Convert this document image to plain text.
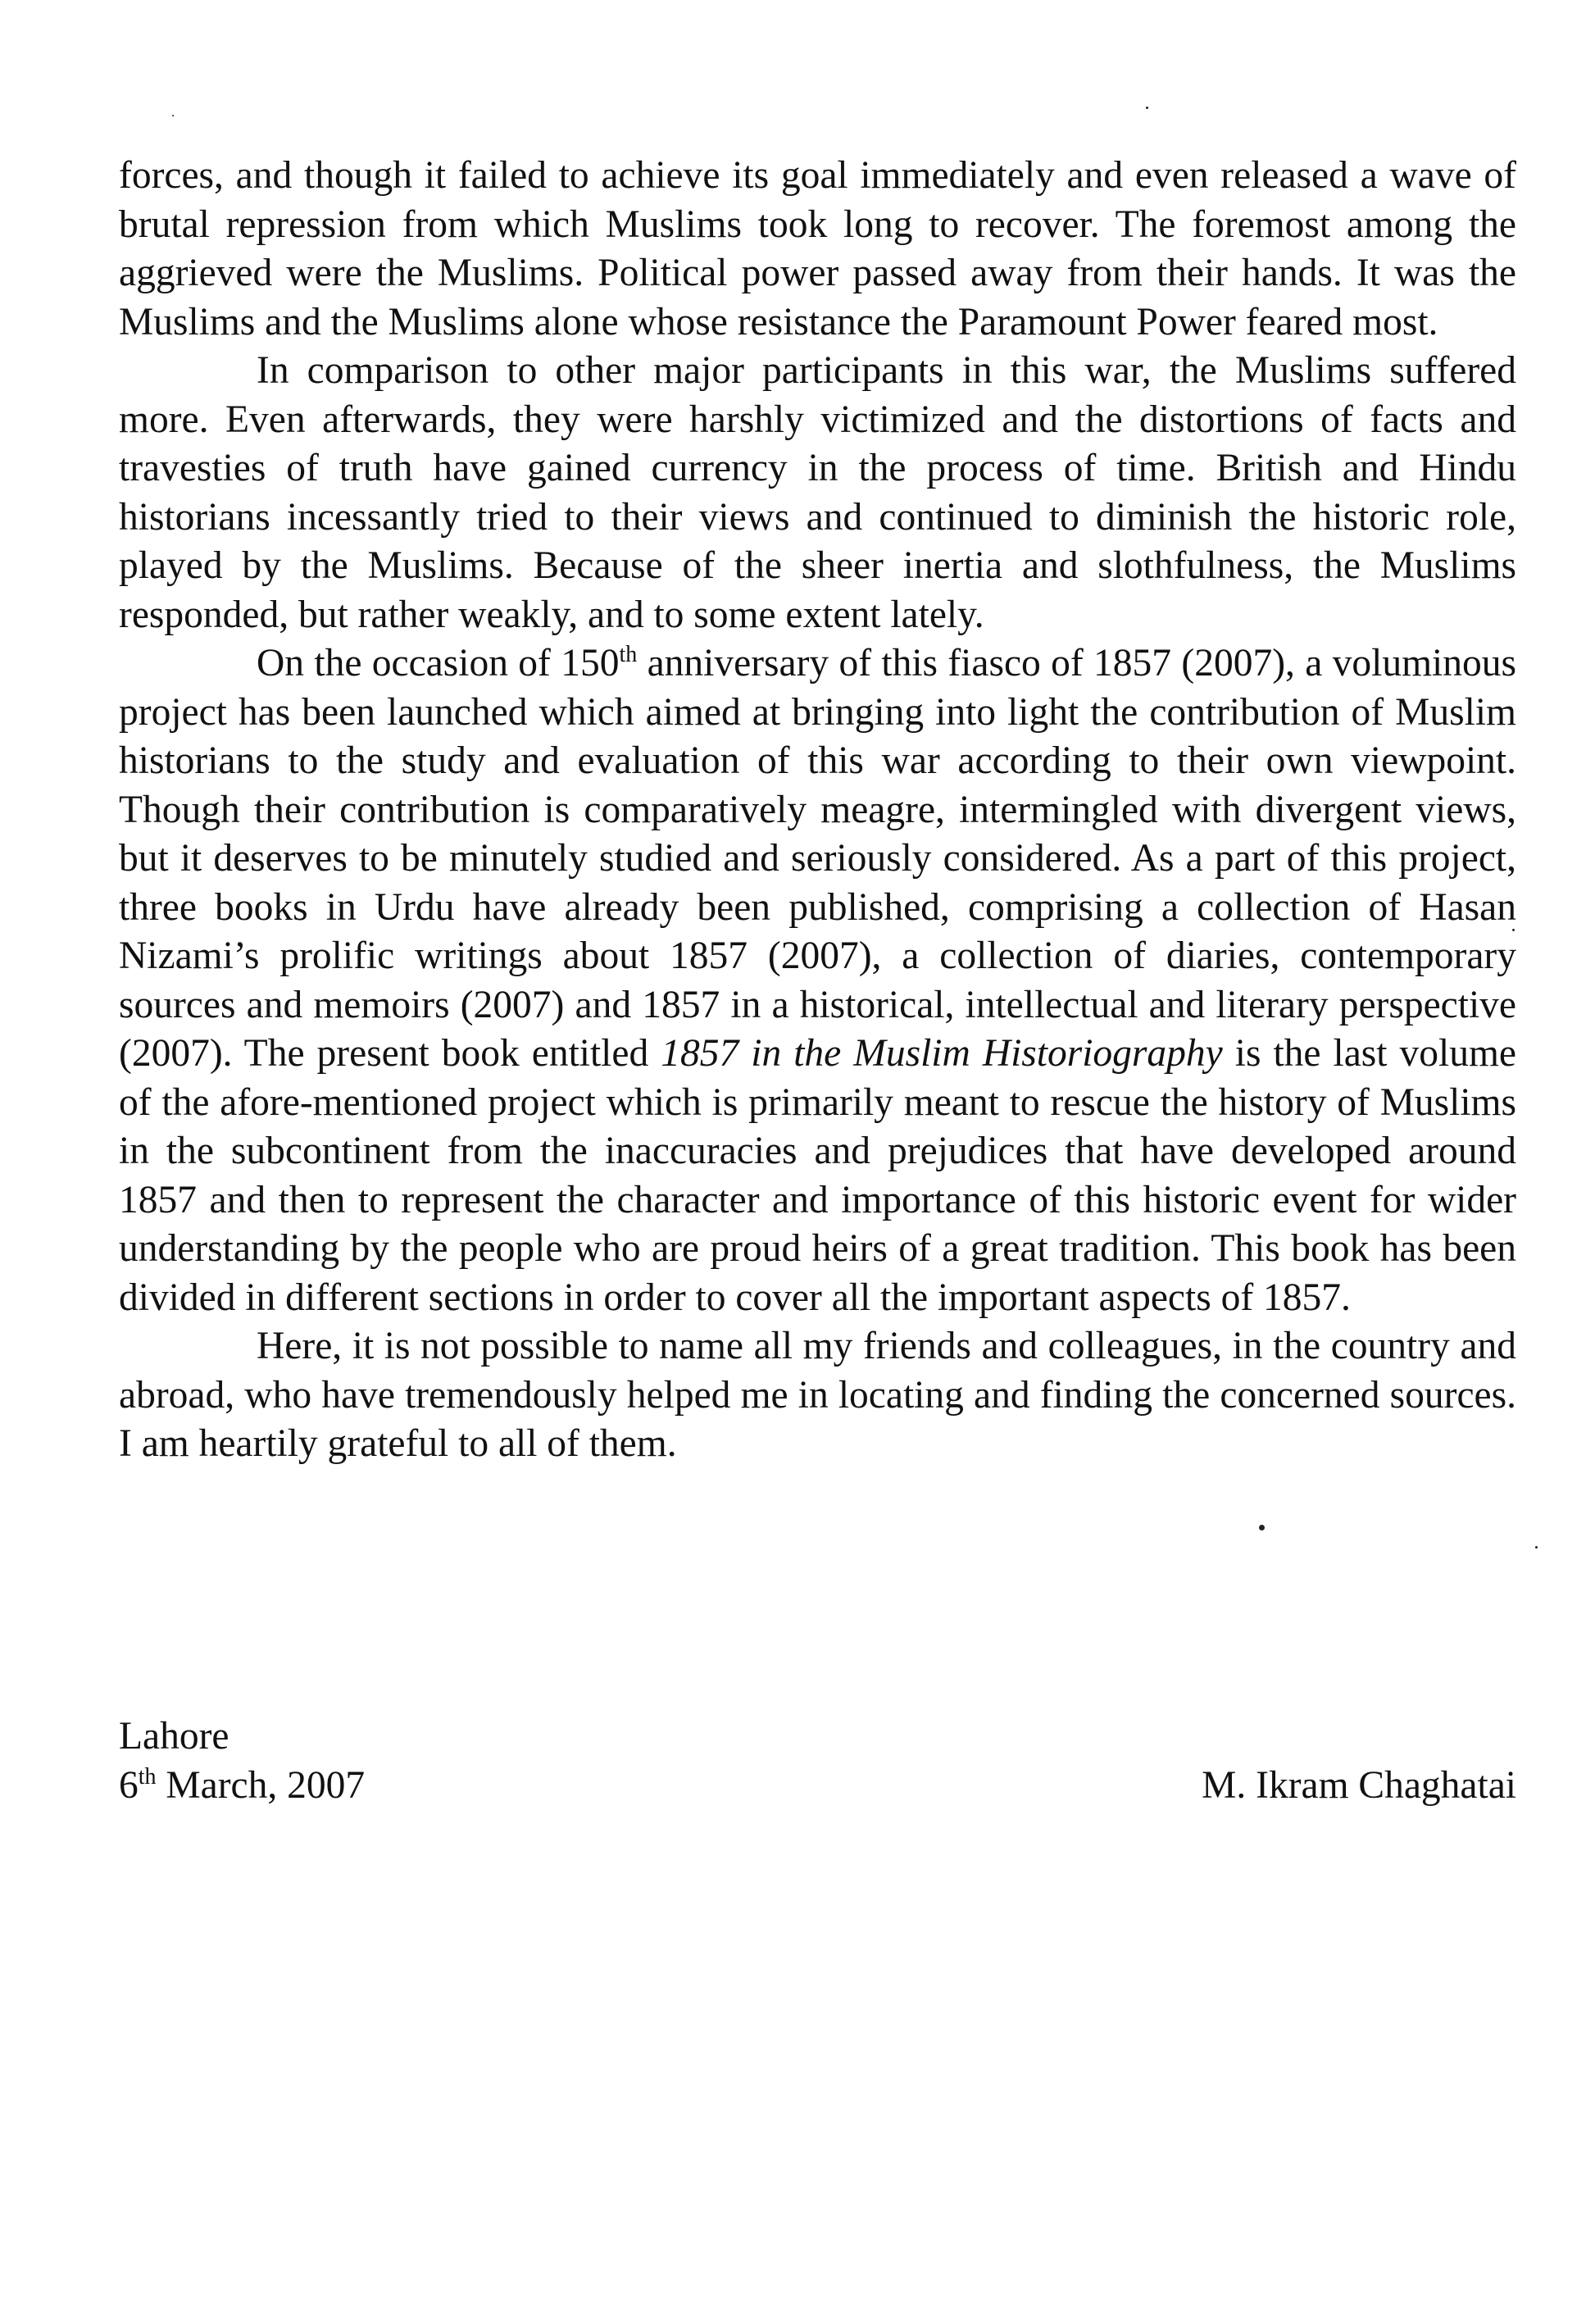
forces, and though it failed to achieve its goal immediately and even released a wave of brutal repression from which Muslims took long to recover. The foremost among the aggrieved were the Muslims. Political power passed away from their hands. It was the Muslims and the Muslims alone whose resistance the Paramount Power feared most.

In comparison to other major participants in this war, the Muslims suffered more. Even afterwards, they were harshly victimized and the distortions of facts and travesties of truth have gained currency in the process of time. British and Hindu historians incessantly tried to their views and continued to diminish the historic role, played by the Muslims. Because of the sheer inertia and slothfulness, the Muslims responded, but rather weakly, and to some extent lately.

On the occasion of 150th anniversary of this fiasco of 1857 (2007), a voluminous project has been launched which aimed at bringing into light the contribution of Muslim historians to the study and evaluation of this war according to their own viewpoint. Though their contribution is comparatively meagre, intermingled with divergent views, but it deserves to be minutely studied and seriously considered. As a part of this project, three books in Urdu have already been published, comprising a collection of Hasan Nizami’s prolific writings about 1857 (2007), a collection of diaries, contemporary sources and memoirs (2007) and 1857 in a historical, intellectual and literary perspective (2007). The present book entitled 1857 in the Muslim Historiography is the last volume of the afore-mentioned project which is primarily meant to rescue the history of Muslims in the subcontinent from the inaccuracies and prejudices that have developed around 1857 and then to represent the character and importance of this historic event for wider understanding by the people who are proud heirs of a great tradition. This book has been divided in different sections in order to cover all the important aspects of 1857.

Here, it is not possible to name all my friends and colleagues, in the country and abroad, who have tremendously helped me in locating and finding the concerned sources. I am heartily grateful to all of them.

Lahore
6th March, 2007	M. Ikram Chaghatai
